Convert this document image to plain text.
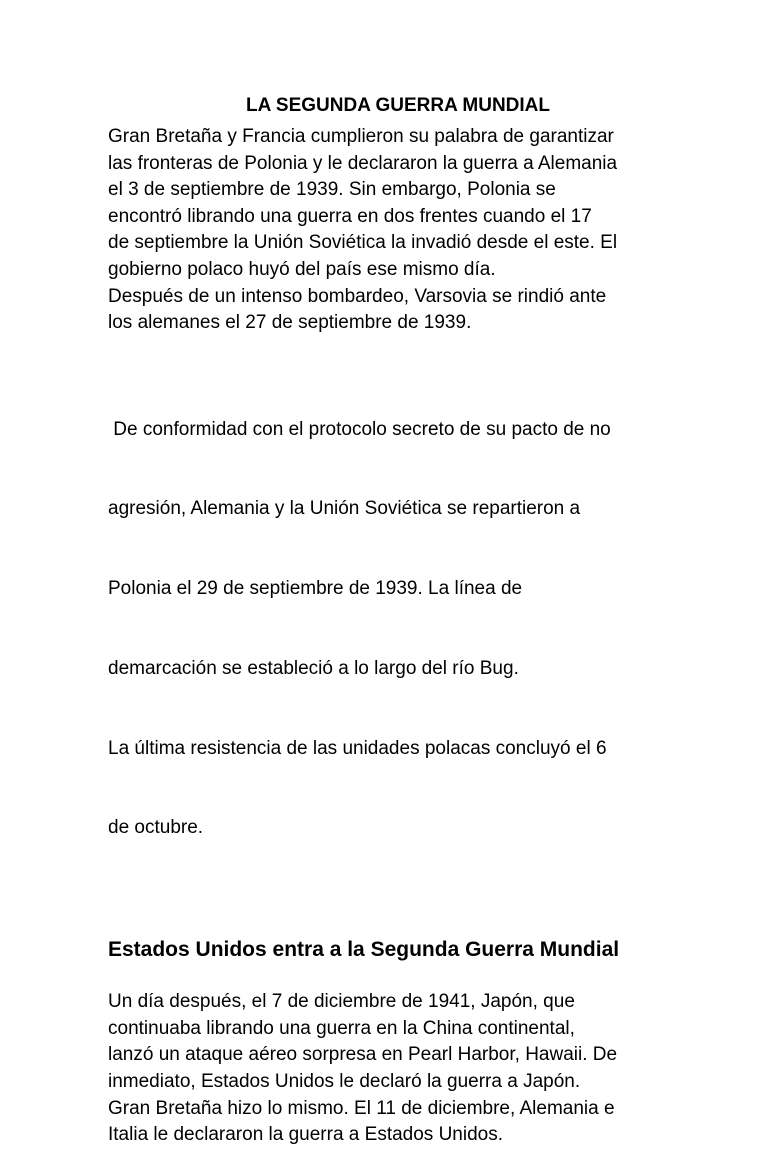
LA SEGUNDA GUERRA MUNDIAL

Gran Bretaña y Francia cumplieron su palabra de garantizar
las fronteras de Polonia y le declararon la guerra a Alemania
el 3 de septiembre de 1939. Sin embargo, Polonia se
encontró librando una guerra en dos frentes cuando el 17
de septiembre la Unión Soviética la invadió desde el este. El
gobierno polaco huyó del país ese mismo día.
Después de un intenso bombardeo, Varsovia se rindió ante
los alemanes el 27 de septiembre de 1939.

De conformidad con el protocolo secreto de su pacto de no

agresión, Alemania y la Unión Soviética se repartieron a

Polonia el 29 de septiembre de 1939. La línea de

demarcación se estableció a lo largo del río Bug.

La última resistencia de las unidades polacas concluyó el 6

de octubre.

Estados Unidos entra a la Segunda Guerra Mundial

Un día después, el 7 de diciembre de 1941, Japón, que
continuaba librando una guerra en la China continental,
lanzó un ataque aéreo sorpresa en Pearl Harbor, Hawaii. De
inmediato, Estados Unidos le declaró la guerra a Japón.
Gran Bretaña hizo lo mismo. El 11 de diciembre, Alemania e
Italia le declararon la guerra a Estados Unidos.
